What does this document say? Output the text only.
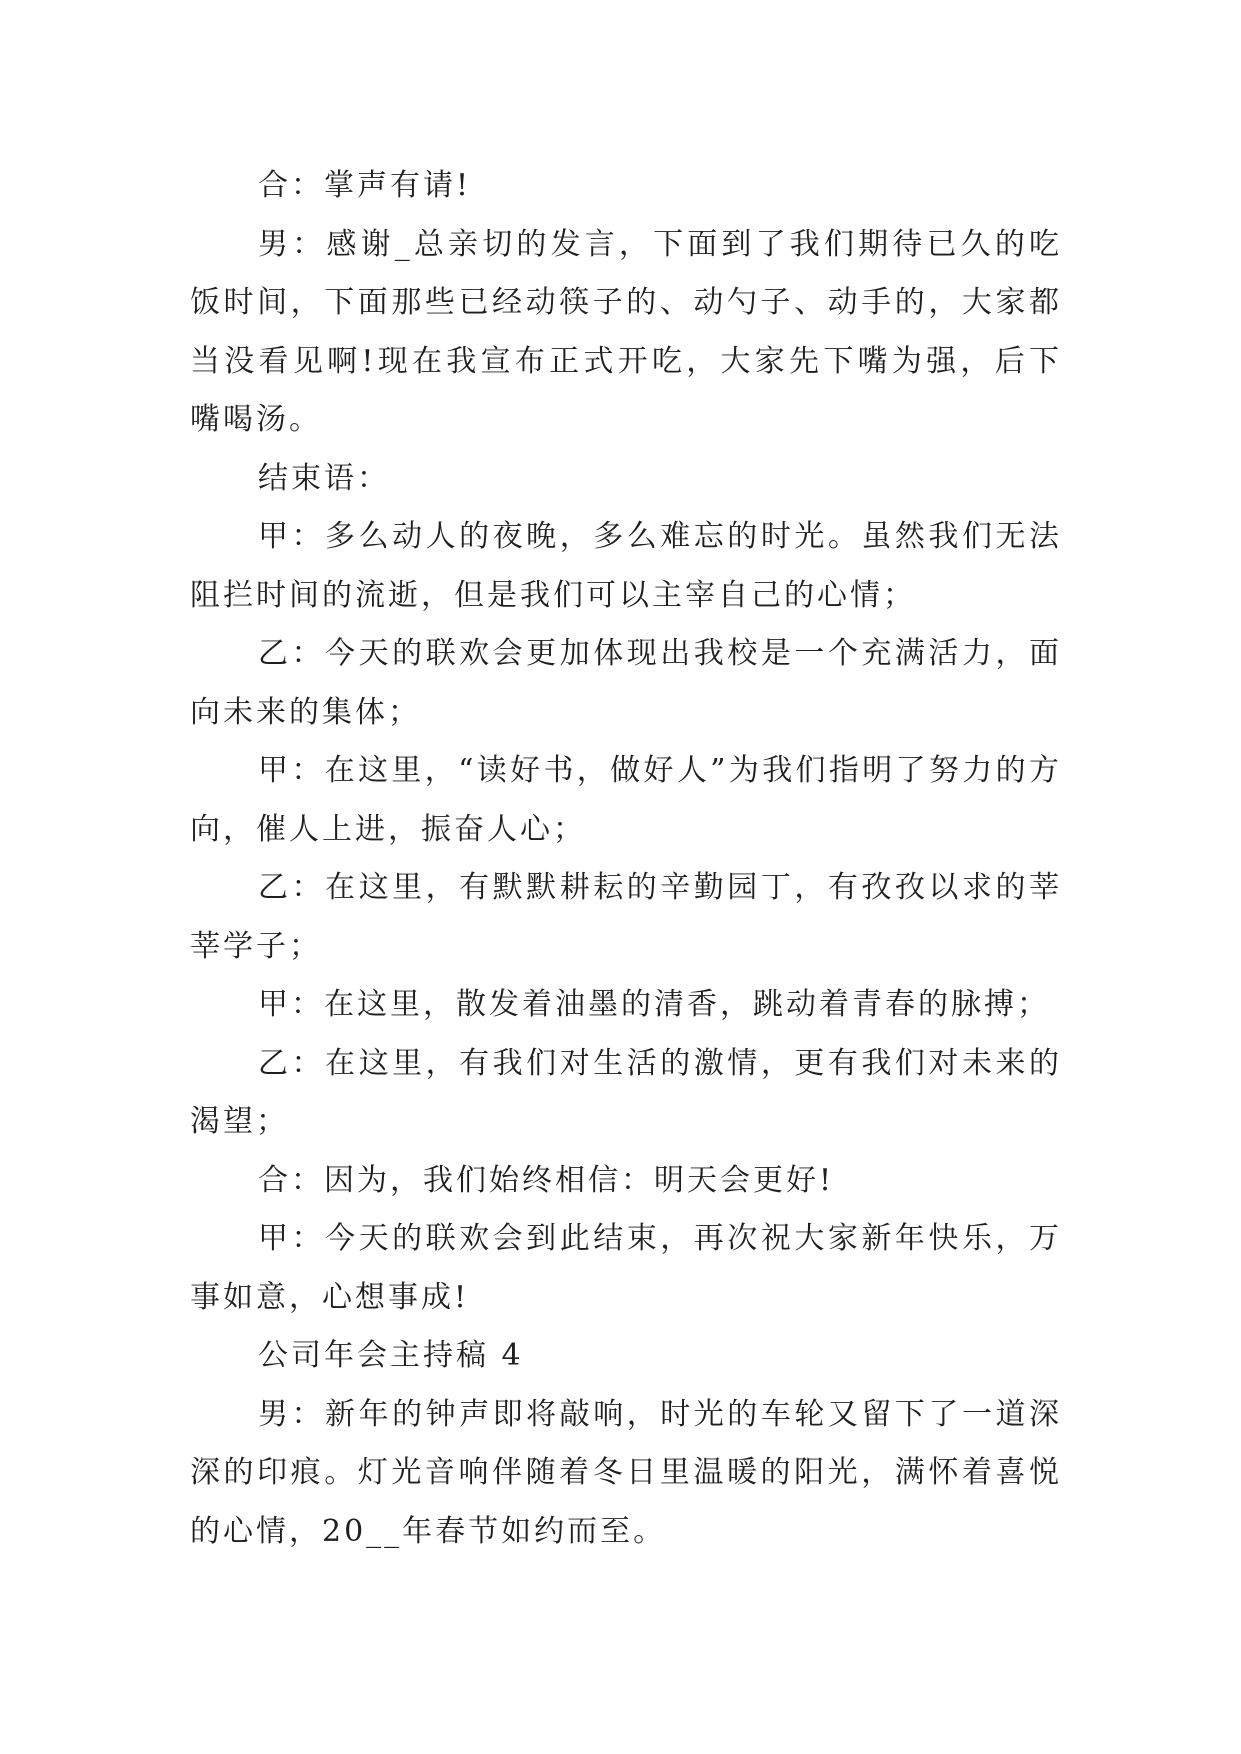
合：掌声有请!

男：感谢_总亲切的发言，下面到了我们期待已久的吃饭时间，下面那些已经动筷子的、动勺子、动手的，大家都当没看见啊!现在我宣布正式开吃，大家先下嘴为强，后下嘴喝汤。

结束语：

甲：多么动人的夜晚，多么难忘的时光。虽然我们无法阻拦时间的流逝，但是我们可以主宰自己的心情；

乙：今天的联欢会更加体现出我校是一个充满活力，面向未来的集体；

甲：在这里，“读好书，做好人”为我们指明了努力的方向，催人上进，振奋人心；

乙：在这里，有默默耕耘的辛勤园丁，有孜孜以求的莘莘学子；

甲：在这里，散发着油墨的清香，跳动着青春的脉搏；

乙：在这里，有我们对生活的激情，更有我们对未来的渴望；

合：因为，我们始终相信：明天会更好!

甲：今天的联欢会到此结束，再次祝大家新年快乐，万事如意，心想事成!

公司年会主持稿 4

男：新年的钟声即将敲响，时光的车轮又留下了一道深深的印痕。灯光音响伴随着冬日里温暖的阳光，满怀着喜悦的心情，20__年春节如约而至。
